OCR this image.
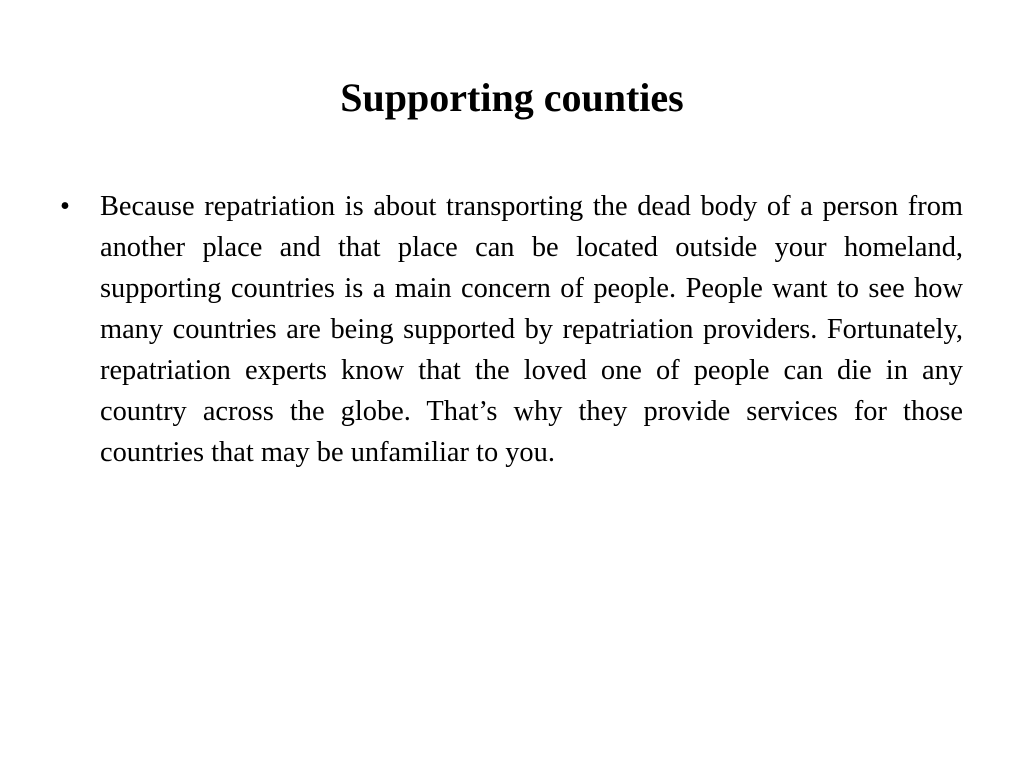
Supporting counties
•	Because repatriation is about transporting the dead body of a person from another place and that place can be located outside your homeland, supporting countries is a main concern of people. People want to see how many countries are being supported by repatriation providers. Fortunately, repatriation experts know that the loved one of people can die in any country across the globe. That’s why they provide services for those countries that may be unfamiliar to you.
